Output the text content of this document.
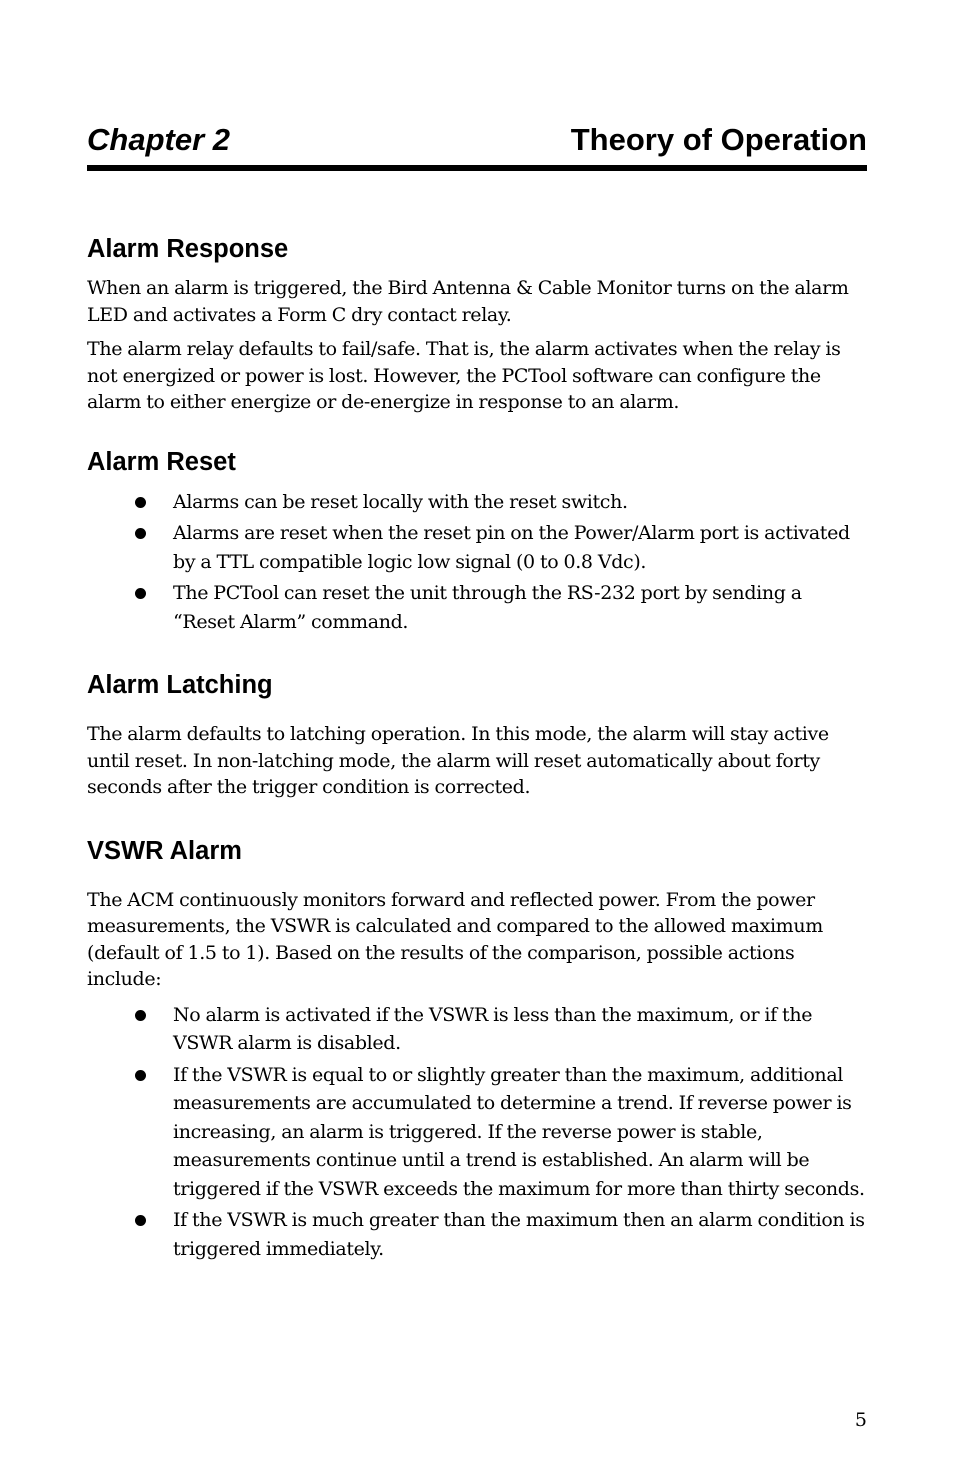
Chapter 2	Theory of Operation
Alarm Response

When an alarm is triggered, the Bird Antenna & Cable Monitor turns on the alarm LED and activates a Form C dry contact relay.

The alarm relay defaults to fail/safe. That is, the alarm activates when the relay is not energized or power is lost. However, the PCTool software can configure the alarm to either energize or de-energize in response to an alarm.

Alarm Reset
Alarms can be reset locally with the reset switch.
Alarms are reset when the reset pin on the Power/Alarm port is activated by a TTL compatible logic low signal (0 to 0.8 Vdc).
The PCTool can reset the unit through the RS-232 port by sending a “Reset Alarm” command.
Alarm Latching

The alarm defaults to latching operation. In this mode, the alarm will stay active until reset. In non-latching mode, the alarm will reset automatically about forty seconds after the trigger condition is corrected.

VSWR Alarm

The ACM continuously monitors forward and reflected power. From the power measurements, the VSWR is calculated and compared to the allowed maximum (default of 1.5 to 1). Based on the results of the comparison, possible actions include:

No alarm is activated if the VSWR is less than the maximum, or if the VSWR alarm is disabled.
If the VSWR is equal to or slightly greater than the maximum, additional measurements are accumulated to determine a trend. If reverse power is increasing, an alarm is triggered. If the reverse power is stable, measurements continue until a trend is established. An alarm will be triggered if the VSWR exceeds the maximum for more than thirty seconds.
If the VSWR is much greater than the maximum then an alarm condition is triggered immediately.
5
